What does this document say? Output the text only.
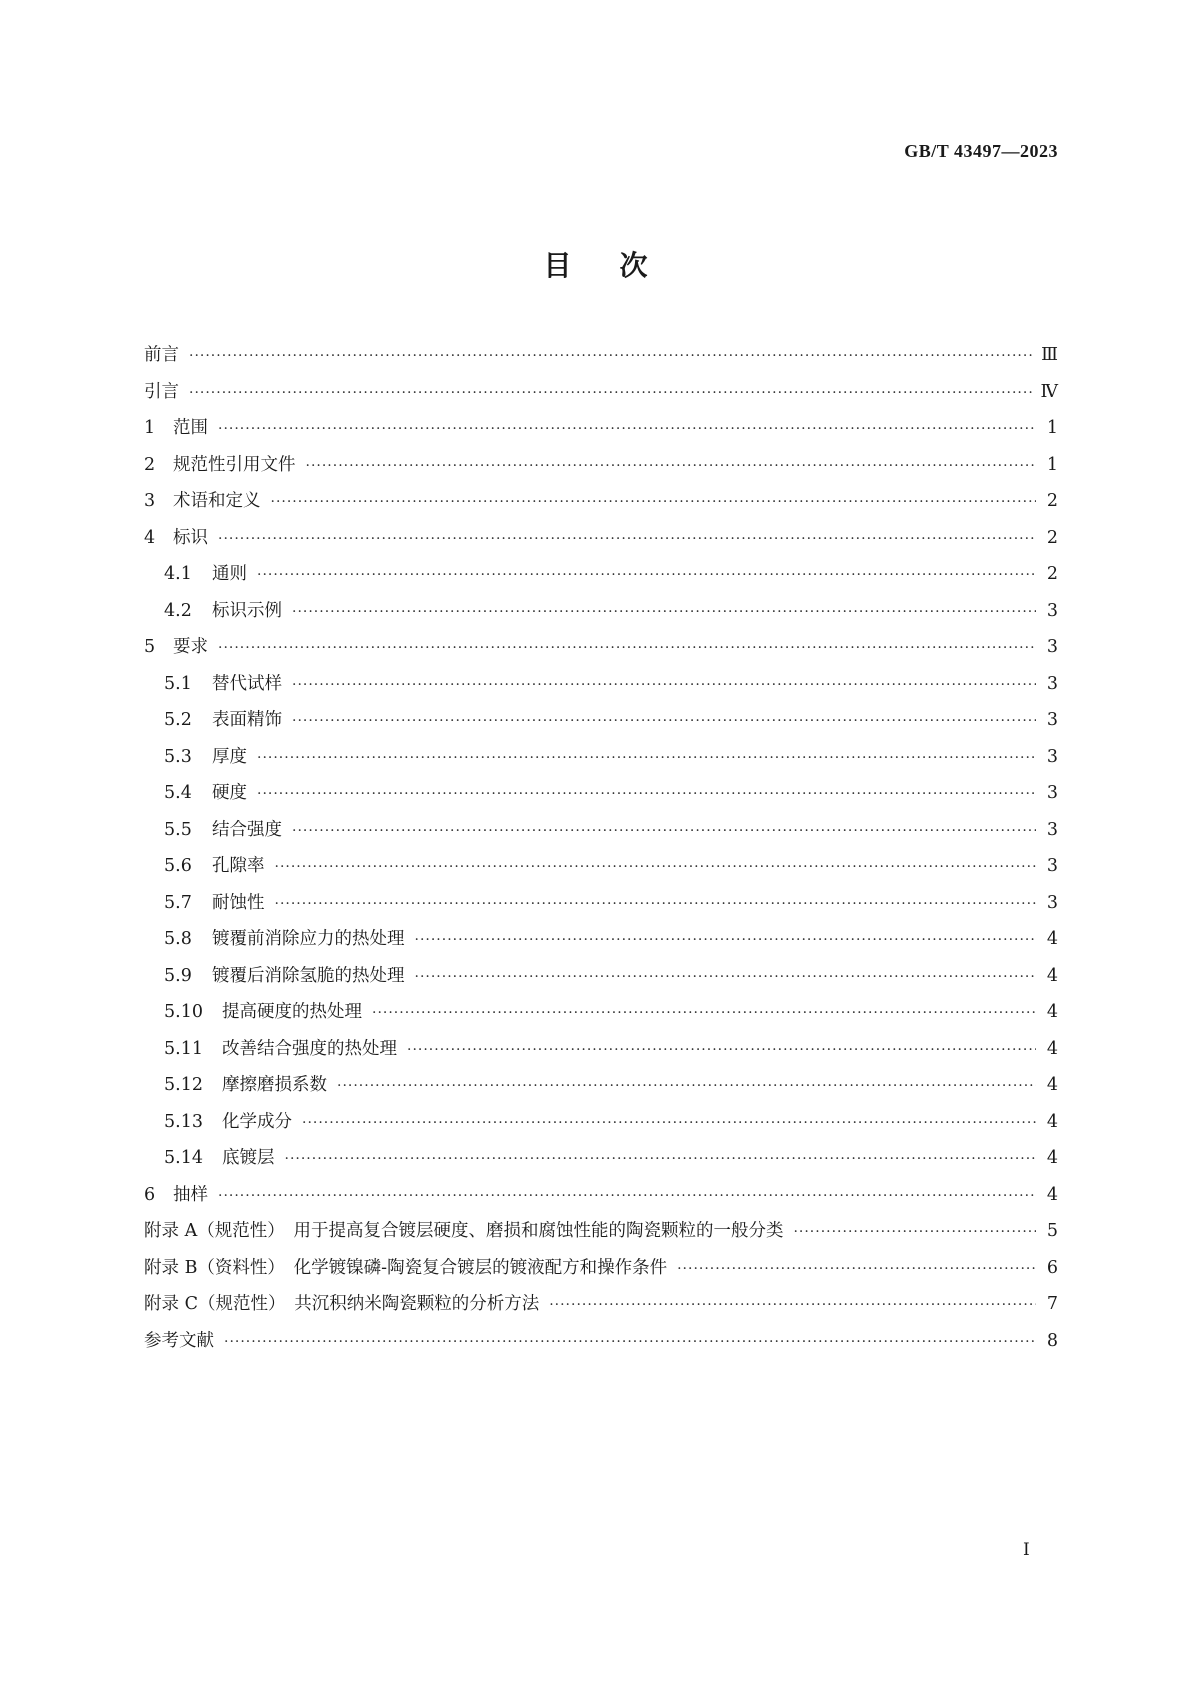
GB/T 43497—2023
目次
前言 ·····	Ⅲ
引言 ·····	Ⅳ
1	范围 ·····	1
2	规范性引用文件 ·····	1
3	术语和定义 ·····	2
4	标识 ·····	2
4.1	通则 ·····	2
4.2	标识示例 ·····	3
5	要求 ·····	3
5.1	替代试样 ·····	3
5.2	表面精饰 ·····	3
5.3	厚度 ·····	3
5.4	硬度 ·····	3
5.5	结合强度 ·····	3
5.6	孔隙率 ·····	3
5.7	耐蚀性 ·····	3
5.8	镀覆前消除应力的热处理 ·····	4
5.9	镀覆后消除氢脆的热处理 ·····	4
5.10	提高硬度的热处理 ·····	4
5.11	改善结合强度的热处理 ·····	4
5.12	摩擦磨损系数 ·····	4
5.13	化学成分 ·····	4
5.14	底镀层 ·····	4
6	抽样 ·····	4
附录 A（规范性）　用于提高复合镀层硬度、磨损和腐蚀性能的陶瓷颗粒的一般分类 ·····	5
附录 B（资料性）　化学镀镍磷-陶瓷复合镀层的镀液配方和操作条件 ·····	6
附录 C（规范性）　共沉积纳米陶瓷颗粒的分析方法 ·····	7
参考文献 ·····	8
I
